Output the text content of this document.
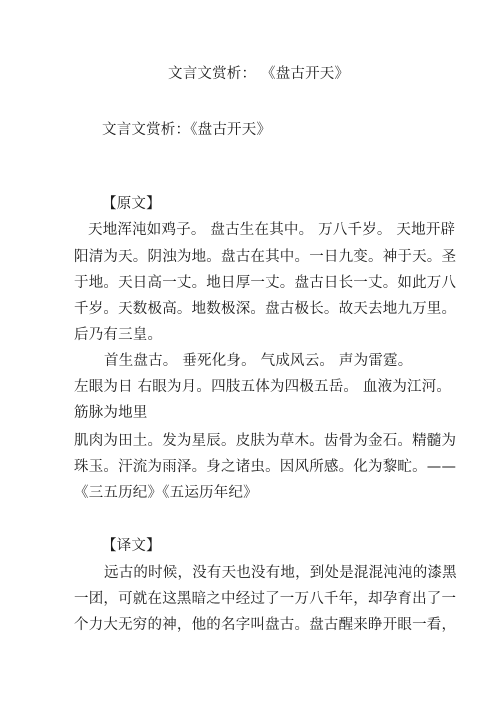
文言文赏析： 《盘古开天》
文言文赏析：《盘古开天》
【原文】
天地浑沌如鸡子。 盘古生在其中。 万八千岁。 天地开辟
阳清为天。阴浊为地。盘古在其中。一日九变。神于天。圣
于地。天日高一丈。地日厚一丈。盘古日长一丈。如此万八
千岁。天数极高。地数极深。盘古极长。故天去地九万里。
后乃有三皇。
首生盘古。 垂死化身。 气成风云。 声为雷霆。
左眼为日 右眼为月。四肢五体为四极五岳。 血液为江河。
筋脉为地里
肌肉为田土。发为星辰。皮肤为草木。齿骨为金石。精髓为
珠玉。汗流为雨泽。身之诸虫。因风所感。化为黎甿。——
《三五历纪》《五运历年纪》
【译文】
远古的时候，没有天也没有地，到处是混混沌沌的漆黑
一团，可就在这黑暗之中经过了一万八千年，却孕育出了一
个力大无穷的神，他的名字叫盘古。盘古醒来睁开眼一看，
